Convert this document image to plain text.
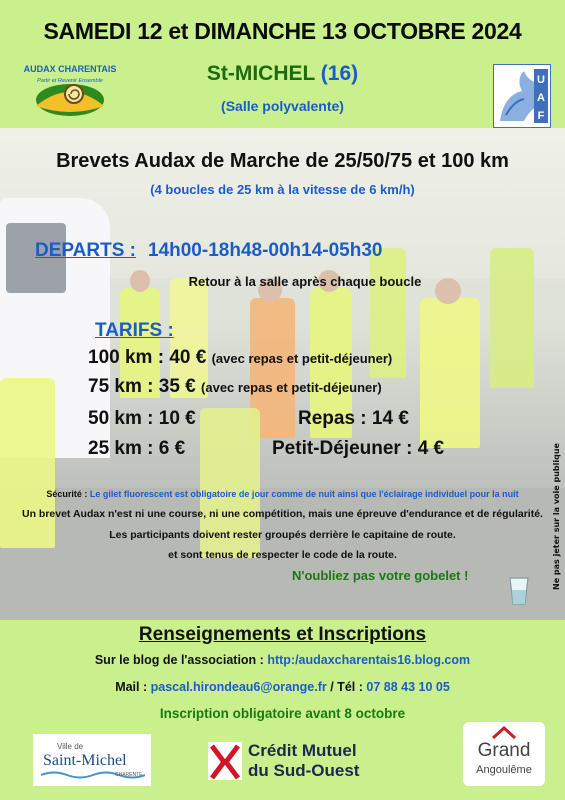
SAMEDI 12 et DIMANCHE 13 OCTOBRE 2024
St-MICHEL (16)
(Salle polyvalente)
AUDAX CHARENTAIS
Partir et Revenir Ensemble	U
A
F
Brevets Audax de Marche de 25/50/75 et 100 km
(4 boucles de 25 km à la vitesse de 6 km/h)
DEPARTS : 14h00-18h48-00h14-05h30
Retour à la salle après chaque boucle
TARIFS :
100 km : 40 € (avec repas et petit-déjeuner)
75 km : 35 € (avec repas et petit-déjeuner)
50 km : 10 €
25 km : 6 €
Repas : 14 €
Petit-Déjeuner : 4 €
Sécurité : Le gilet fluorescent est obligatoire de jour comme de nuit ainsi que l'éclairage individuel pour la nuit
Un brevet Audax n'est ni une course, ni une compétition, mais une épreuve d'endurance et de régularité.
Les participants doivent rester groupés derrière le capitaine de route.
et sont tenus de respecter le code de la route.
N'oubliez pas votre gobelet !	Ne pas jeter sur la voie publique
Renseignements et Inscriptions
Sur le blog de l'association : http:/audaxcharentais16.blog.com
Mail : pascal.hirondeau6@orange.fr / Tél : 07 88 43 10 05
Inscription obligatoire avant 8 octobre
Ville de
Saint-Michel
CHARENTE
Crédit Mutuel
du Sud-Ouest
Grand
Angoulême
